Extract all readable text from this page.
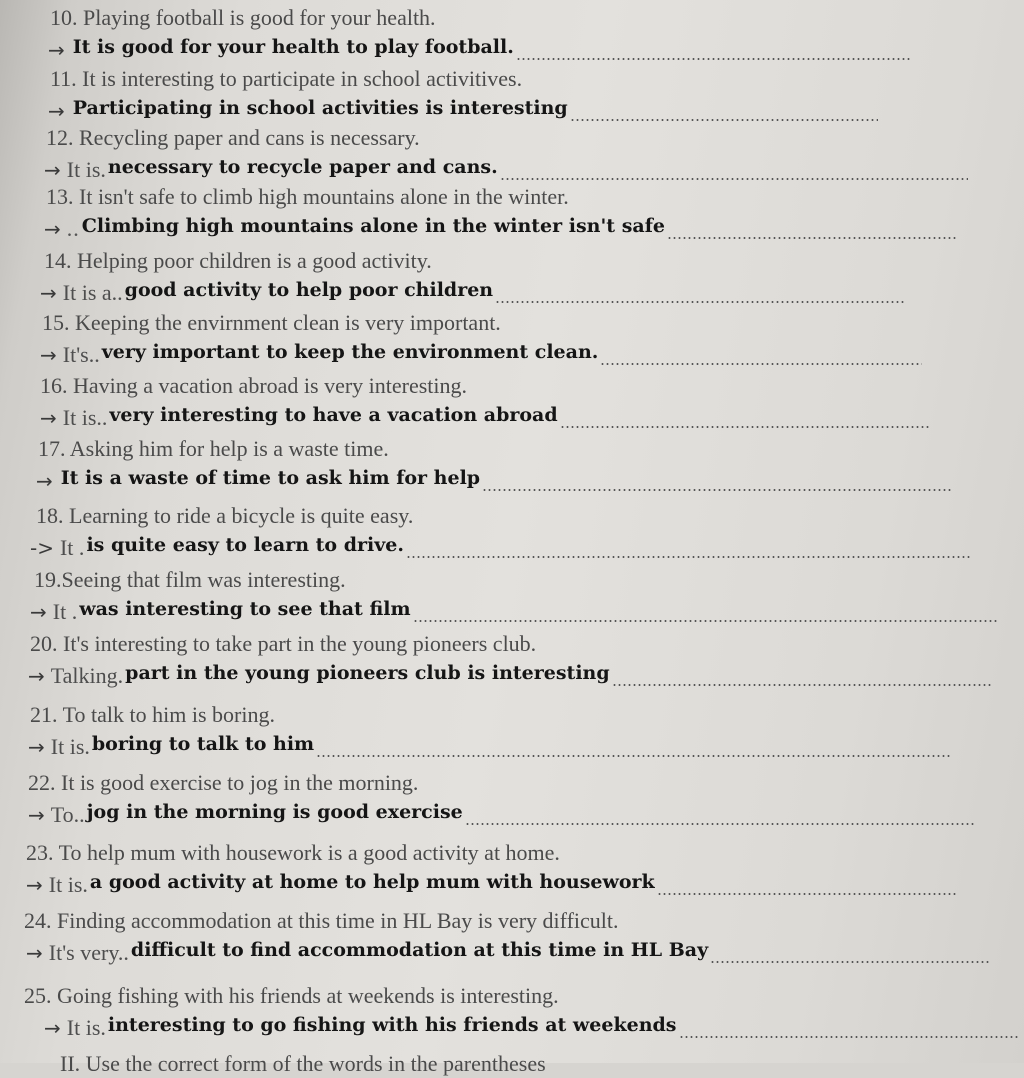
10. Playing football is good for your health.
→ It is good for your health to play football.
11. It is interesting to participate in school activitives.
→ Participating in school activities is interesting
12. Recycling paper and cans is necessary.
→ It is. necessary to recycle paper and cans.
13. It isn't safe to climb high mountains alone in the winter.
→ .. Climbing high mountains alone in the winter isn't safe
14. Helping poor children is a good activity.
→ It is a.. good activity to help poor children
15. Keeping the envirnment clean is very important.
→ It's.. very important to keep the environment clean.
16. Having a vacation abroad is very interesting.
→ It is.. very interesting to have a vacation abroad
17. Asking him for help is a waste time.
→ It is a waste of time to ask him for help
18. Learning to ride a bicycle is quite easy.
-> It . is quite easy to learn to drive.
19.Seeing that film was interesting.
→ It . was interesting to see that film
20. It's interesting to take part in the young pioneers club.
→ Talking. part in the young pioneers club is interesting
21. To talk to him is boring.
→ It is. boring to talk to him
22. It is good exercise to jog in the morning.
→ To.. jog in the morning is good exercise
23. To help mum with housework is a good activity at home.
→ It is. a good activity at home to help mum with housework
24. Finding accommodation at this time in HL Bay is very difficult.
→ It's very.. difficult to find accommodation at this time in HL Bay
25. Going fishing with his friends at weekends is interesting.
→ It is. interesting to go fishing with his friends at weekends
II. Use the correct form of the words in the parentheses
